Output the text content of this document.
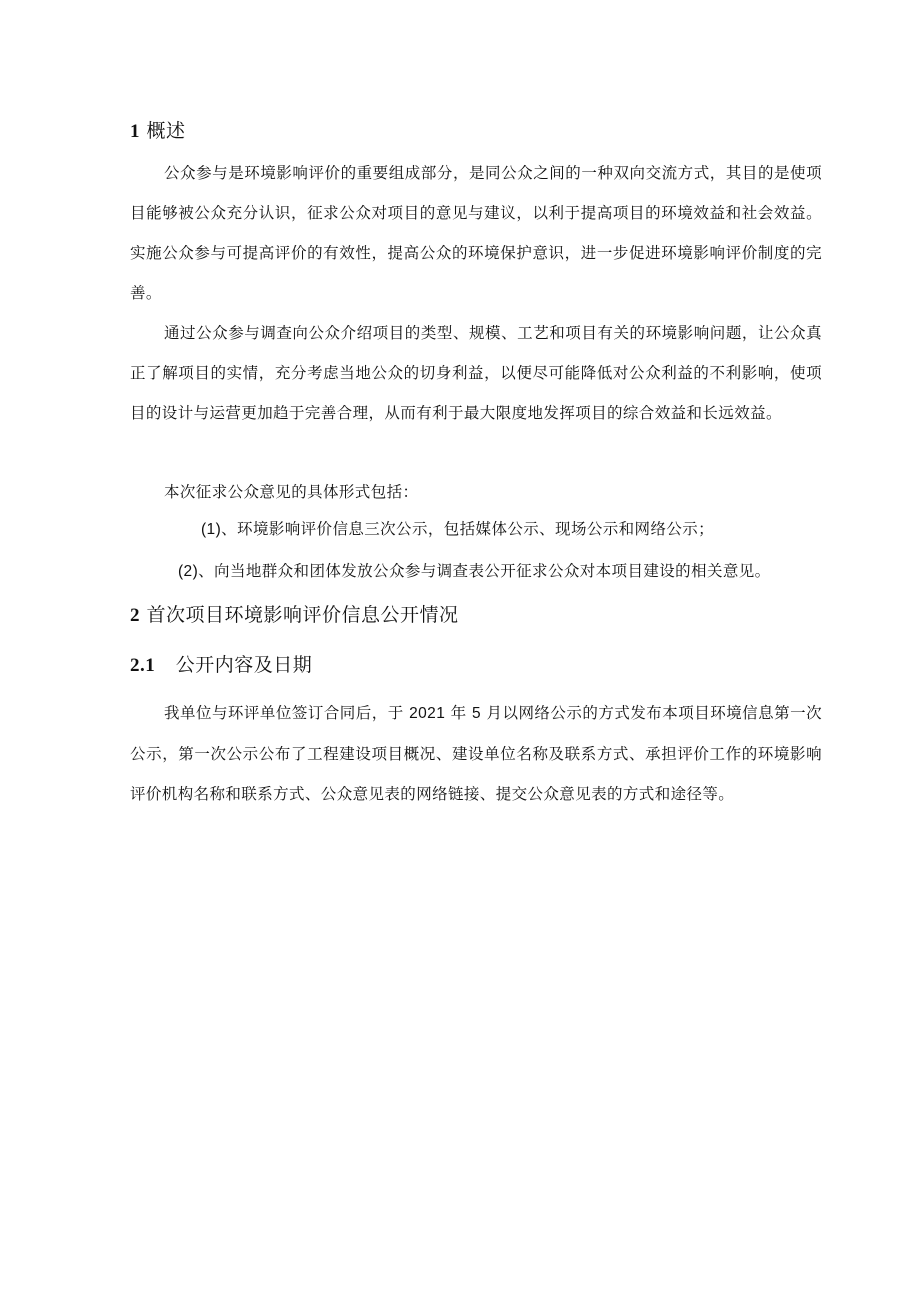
1 概述
公众参与是环境影响评价的重要组成部分，是同公众之间的一种双向交流方式，其目的是使项目能够被公众充分认识，征求公众对项目的意见与建议，以利于提高项目的环境效益和社会效益。实施公众参与可提高评价的有效性，提高公众的环境保护意识，进一步促进环境影响评价制度的完善。
通过公众参与调查向公众介绍项目的类型、规模、工艺和项目有关的环境影响问题，让公众真正了解项目的实情，充分考虑当地公众的切身利益，以便尽可能降低对公众利益的不利影响，使项目的设计与运营更加趋于完善合理，从而有利于最大限度地发挥项目的综合效益和长远效益。
本次征求公众意见的具体形式包括：
(1)、环境影响评价信息三次公示，包括媒体公示、现场公示和网络公示；
(2)、向当地群众和团体发放公众参与调查表公开征求公众对本项目建设的相关意见。
2 首次项目环境影响评价信息公开情况
2.1 公开内容及日期
我单位与环评单位签订合同后，于 2021 年 5 月以网络公示的方式发布本项目环境信息第一次公示，第一次公示公布了工程建设项目概况、建设单位名称及联系方式、承担评价工作的环境影响评价机构名称和联系方式、公众意见表的网络链接、提交公众意见表的方式和途径等。
